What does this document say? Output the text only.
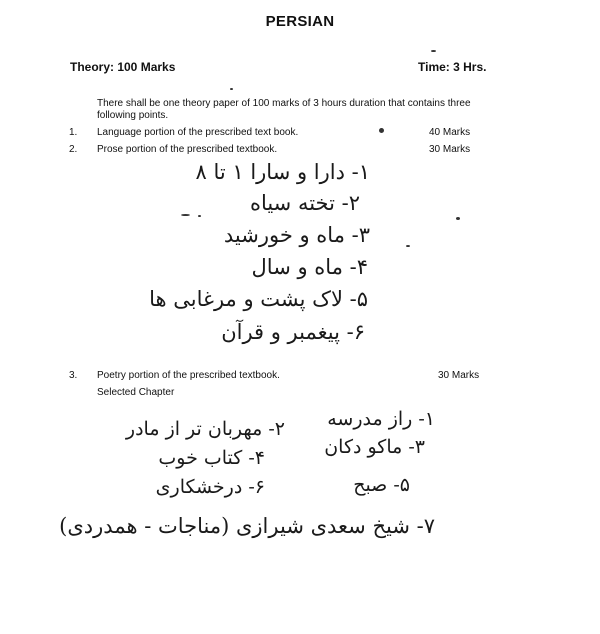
PERSIAN
Theory: 100 Marks	Time: 3 Hrs.
There shall be one theory paper of 100 marks of 3 hours duration that contains three
following points.
1. Language portion of the prescribed text book.	40 Marks
2. Prose portion of the prescribed textbook.	30 Marks
۱- دارا و سارا ۱ تا ۸
۲- تخته سیاه
۳- ماه و خورشید
۴- ماه و سال
۵- لاک پشت و مرغابی ها
۶- پیغمبر و قرآن
3. Poetry portion of the prescribed textbook.	30 Marks
Selected Chapter
۱- راز مدرسه
۲- مهربان تر از مادر
۳- ماکو دکان
۴- کتاب خوب
۵- صبح
۶- درخشکاری
۷- شیخ سعدی شیرازی (مناجات - همدردی)
